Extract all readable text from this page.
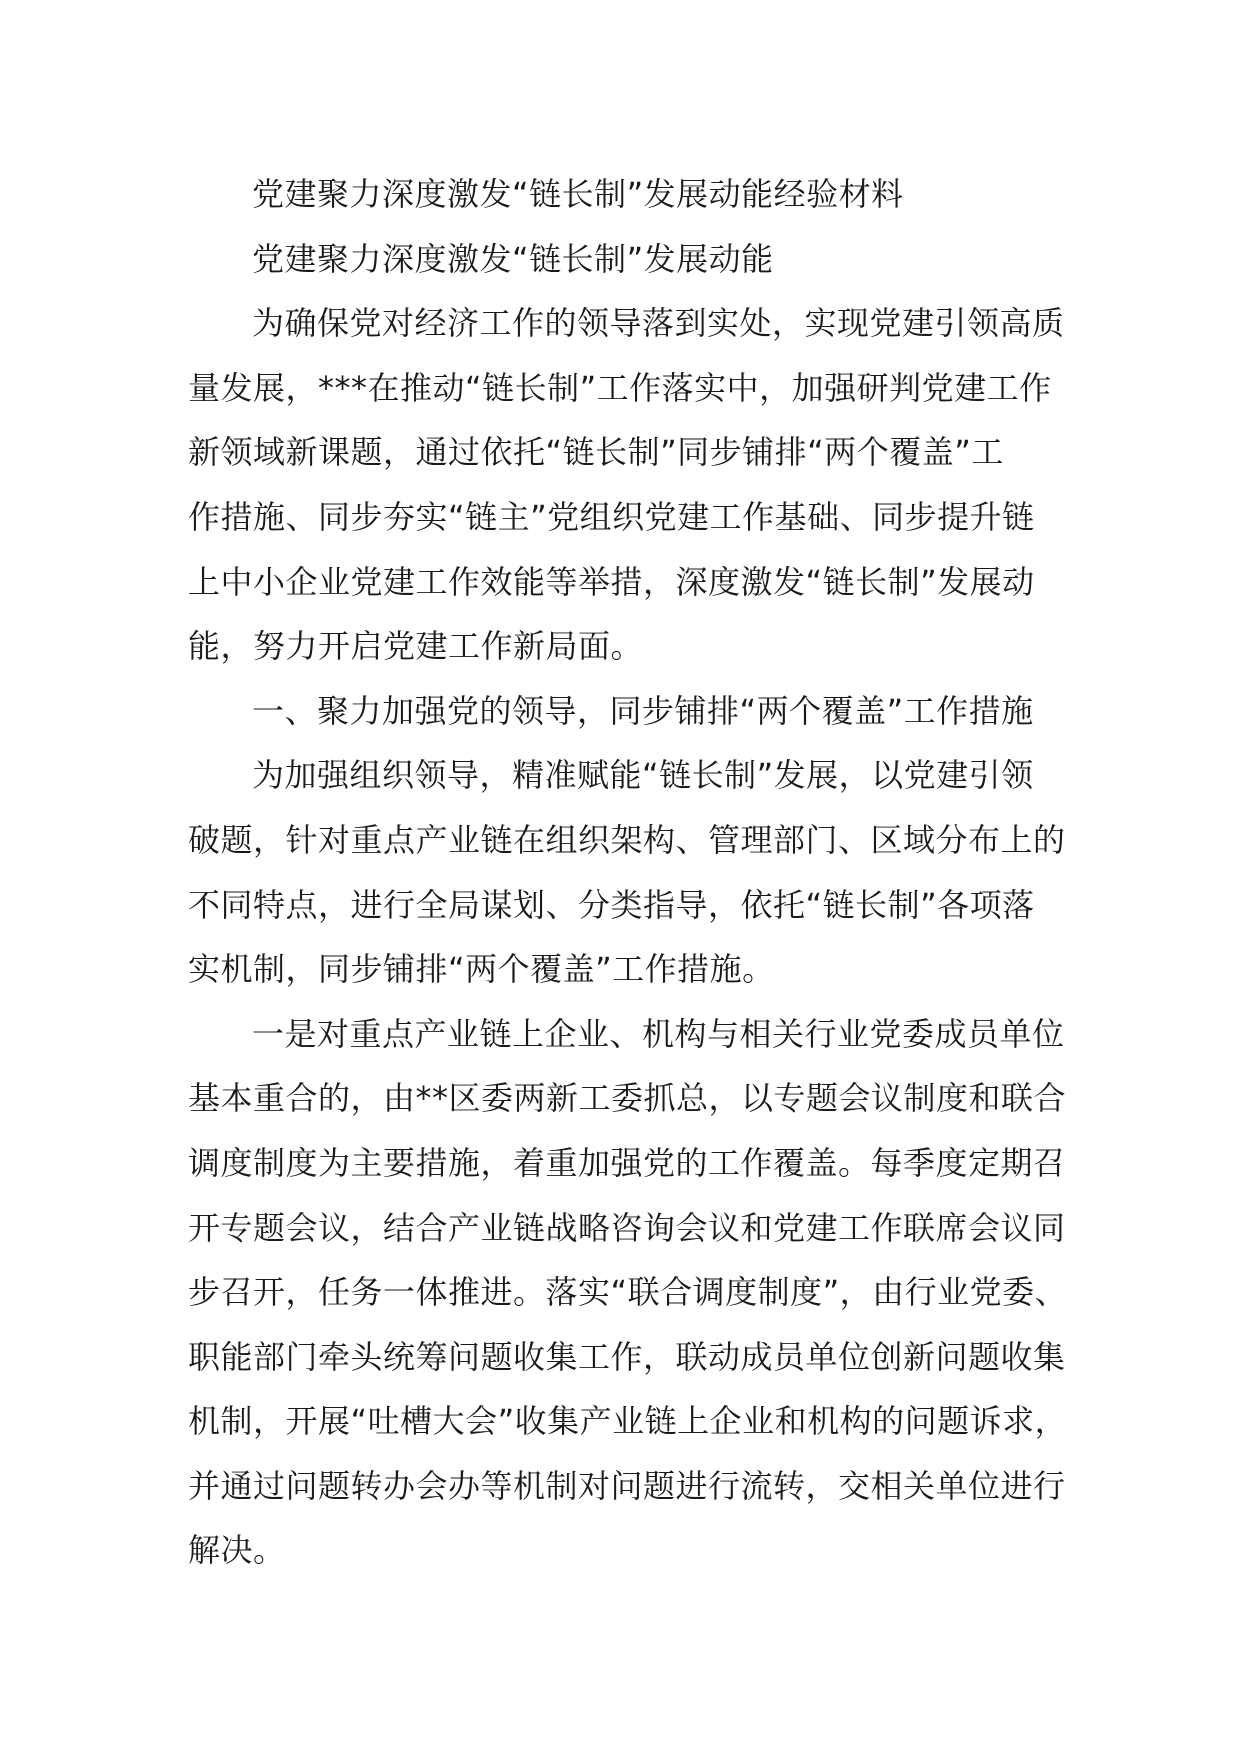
党建聚力深度激发“链长制”发展动能经验材料

党建聚力深度激发“链长制”发展动能

为确保党对经济工作的领导落到实处，实现党建引领高质

量发展，***在推动“链长制”工作落实中，加强研判党建工作

新领域新课题，通过依托“链长制”同步铺排“两个覆盖”工

作措施、同步夯实“链主”党组织党建工作基础、同步提升链

上中小企业党建工作效能等举措，深度激发“链长制”发展动

能，努力开启党建工作新局面。

一、聚力加强党的领导，同步铺排“两个覆盖”工作措施

为加强组织领导，精准赋能“链长制”发展，以党建引领

破题，针对重点产业链在组织架构、管理部门、区域分布上的

不同特点，进行全局谋划、分类指导，依托“链长制”各项落

实机制，同步铺排“两个覆盖”工作措施。

一是对重点产业链上企业、机构与相关行业党委成员单位

基本重合的，由**区委两新工委抓总，以专题会议制度和联合

调度制度为主要措施，着重加强党的工作覆盖。每季度定期召

开专题会议，结合产业链战略咨询会议和党建工作联席会议同

步召开，任务一体推进。落实“联合调度制度”，由行业党委、

职能部门牵头统筹问题收集工作，联动成员单位创新问题收集

机制，开展“吐槽大会”收集产业链上企业和机构的问题诉求，

并通过问题转办会办等机制对问题进行流转，交相关单位进行

解决。
